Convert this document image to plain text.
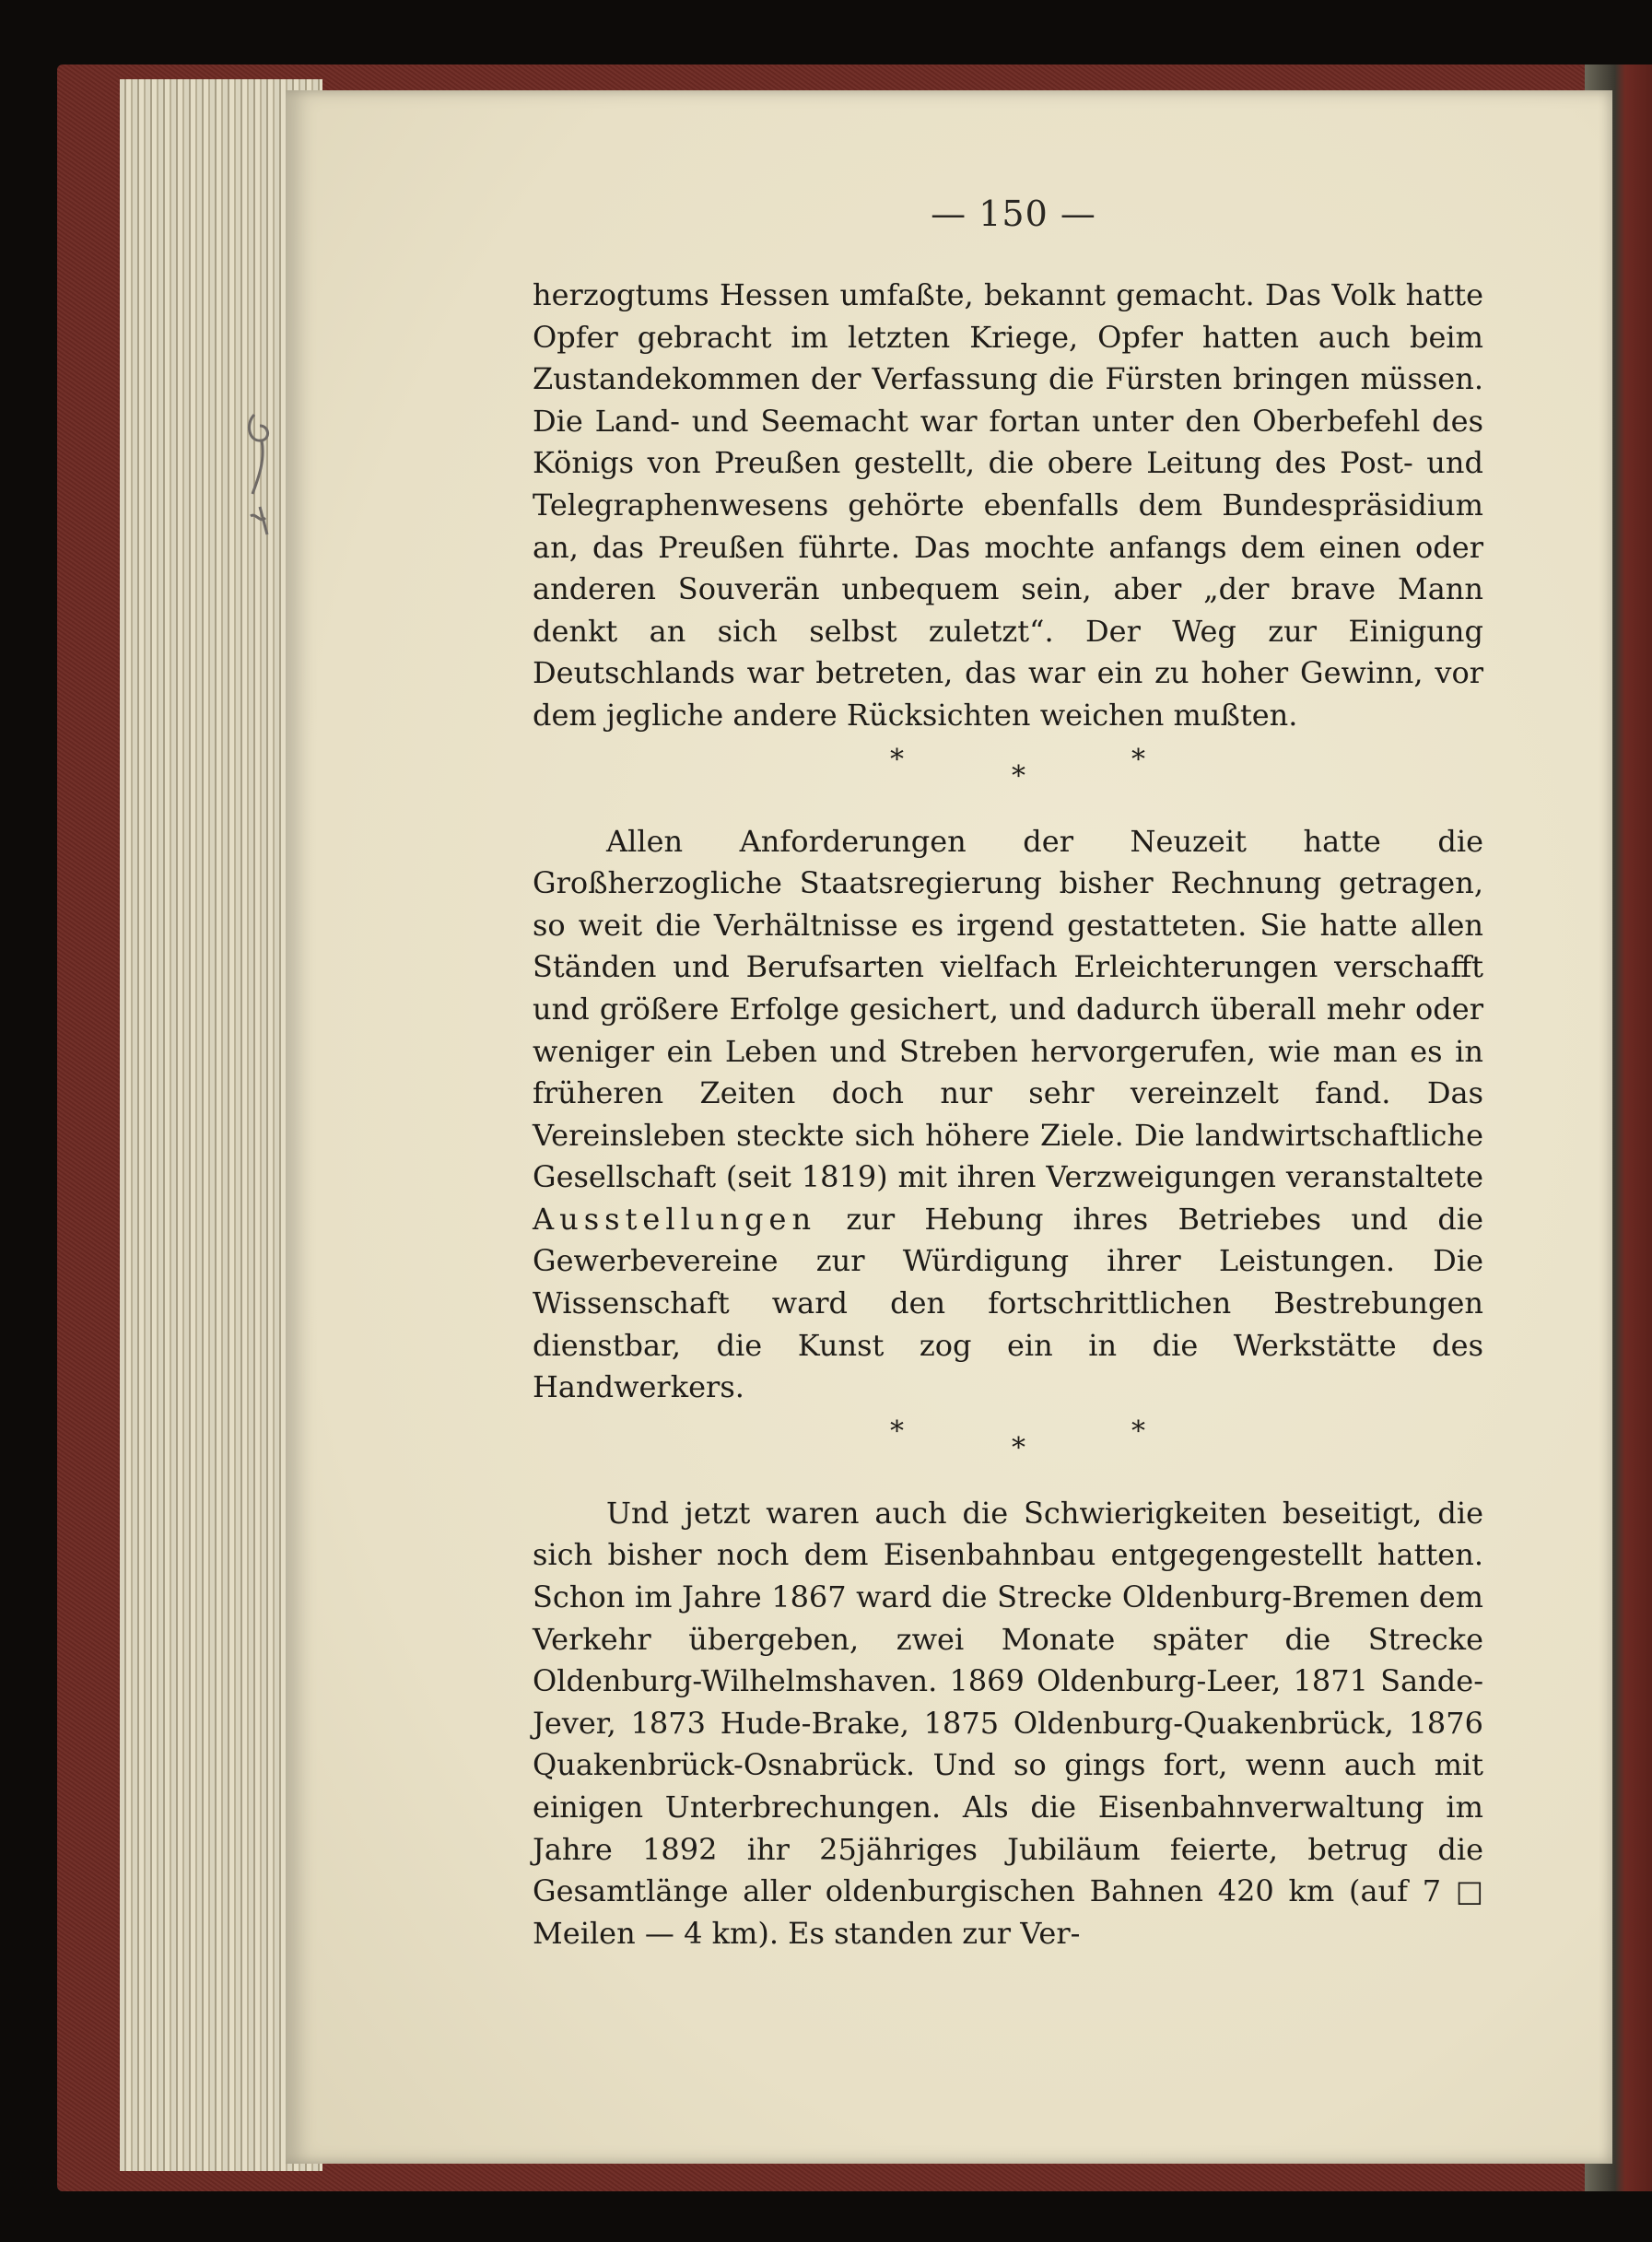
— 150 —

herzogtums Hessen umfaßte, bekannt gemacht. Das Volk hatte Opfer gebracht im letzten Kriege, Opfer hatten auch beim Zustandekommen der Verfassung die Fürsten bringen müssen. Die Land- und Seemacht war fortan unter den Oberbefehl des Königs von Preußen gestellt, die obere Leitung des Post- und Telegraphenwesens gehörte ebenfalls dem Bundespräsidium an, das Preußen führte. Das mochte anfangs dem einen oder anderen Souverän unbequem sein, aber „der brave Mann denkt an sich selbst zuletzt“. Der Weg zur Einigung Deutschlands war betreten, das war ein zu hoher Gewinn, vor dem jegliche andere Rücksichten weichen mußten.

*
*
*

Allen Anforderungen der Neuzeit hatte die Großherzogliche Staatsregierung bisher Rechnung getragen, so weit die Verhältnisse es irgend gestatteten. Sie hatte allen Ständen und Berufsarten vielfach Erleichterungen verschafft und größere Erfolge gesichert, und dadurch überall mehr oder weniger ein Leben und Streben hervorgerufen, wie man es in früheren Zeiten doch nur sehr vereinzelt fand. Das Vereinsleben steckte sich höhere Ziele. Die landwirtschaftliche Gesellschaft (seit 1819) mit ihren Verzweigungen veranstaltete Ausstellungen zur Hebung ihres Betriebes und die Gewerbevereine zur Würdigung ihrer Leistungen. Die Wissenschaft ward den fortschrittlichen Bestrebungen dienstbar, die Kunst zog ein in die Werkstätte des Handwerkers.

*
*
*

Und jetzt waren auch die Schwierigkeiten beseitigt, die sich bisher noch dem Eisenbahnbau entgegengestellt hatten. Schon im Jahre 1867 ward die Strecke Oldenburg-Bremen dem Verkehr übergeben, zwei Monate später die Strecke Oldenburg-Wilhelmshaven. 1869 Oldenburg-Leer, 1871 Sande-Jever, 1873 Hude-Brake, 1875 Oldenburg-Quakenbrück, 1876 Quakenbrück-Osnabrück. Und so gings fort, wenn auch mit einigen Unterbrechungen. Als die Eisenbahnverwaltung im Jahre 1892 ihr 25jähriges Jubiläum feierte, betrug die Gesamtlänge aller oldenburgischen Bahnen 420 km (auf 7 □ Meilen — 4 km). Es standen zur Ver-
